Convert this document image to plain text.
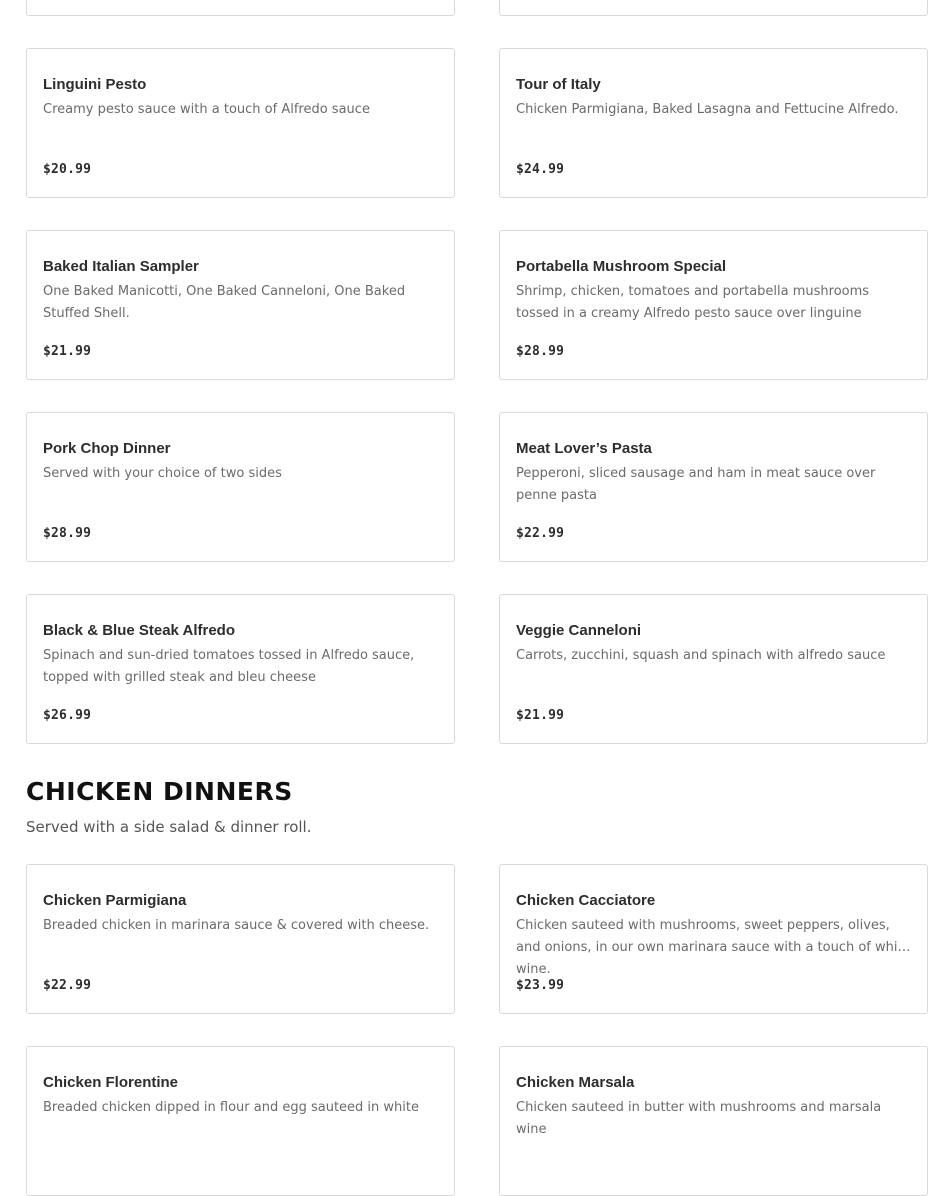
Linguini Pesto
Creamy pesto sauce with a touch of Alfredo sauce
$20.99
Tour of Italy
Chicken Parmigiana, Baked Lasagna and Fettucine Alfredo.
$24.99
Baked Italian Sampler
One Baked Manicotti, One Baked Canneloni, One Baked Stuffed Shell.
$21.99
Portabella Mushroom Special
Shrimp, chicken, tomatoes and portabella mushrooms tossed in a creamy Alfredo pesto sauce over linguine
$28.99
Pork Chop Dinner
Served with your choice of two sides
$28.99
Meat Lover’s Pasta
Pepperoni, sliced sausage and ham in meat sauce over penne pasta
$22.99
Black & Blue Steak Alfredo
Spinach and sun-dried tomatoes tossed in Alfredo sauce, topped with grilled steak and bleu cheese
$26.99
Veggie Canneloni
Carrots, zucchini, squash and spinach with alfredo sauce
$21.99
CHICKEN DINNERS
Served with a side salad & dinner roll.
Chicken Parmigiana
Breaded chicken in marinara sauce & covered with cheese.
$22.99
Chicken Cacciatore
Chicken sauteed with mushrooms, sweet peppers, olives, and onions, in our own marinara sauce with a touch of white wine.
$23.99
Chicken Florentine
Breaded chicken dipped in flour and egg sauteed in white
Chicken Marsala
Chicken sauteed in butter with mushrooms and marsala wine
